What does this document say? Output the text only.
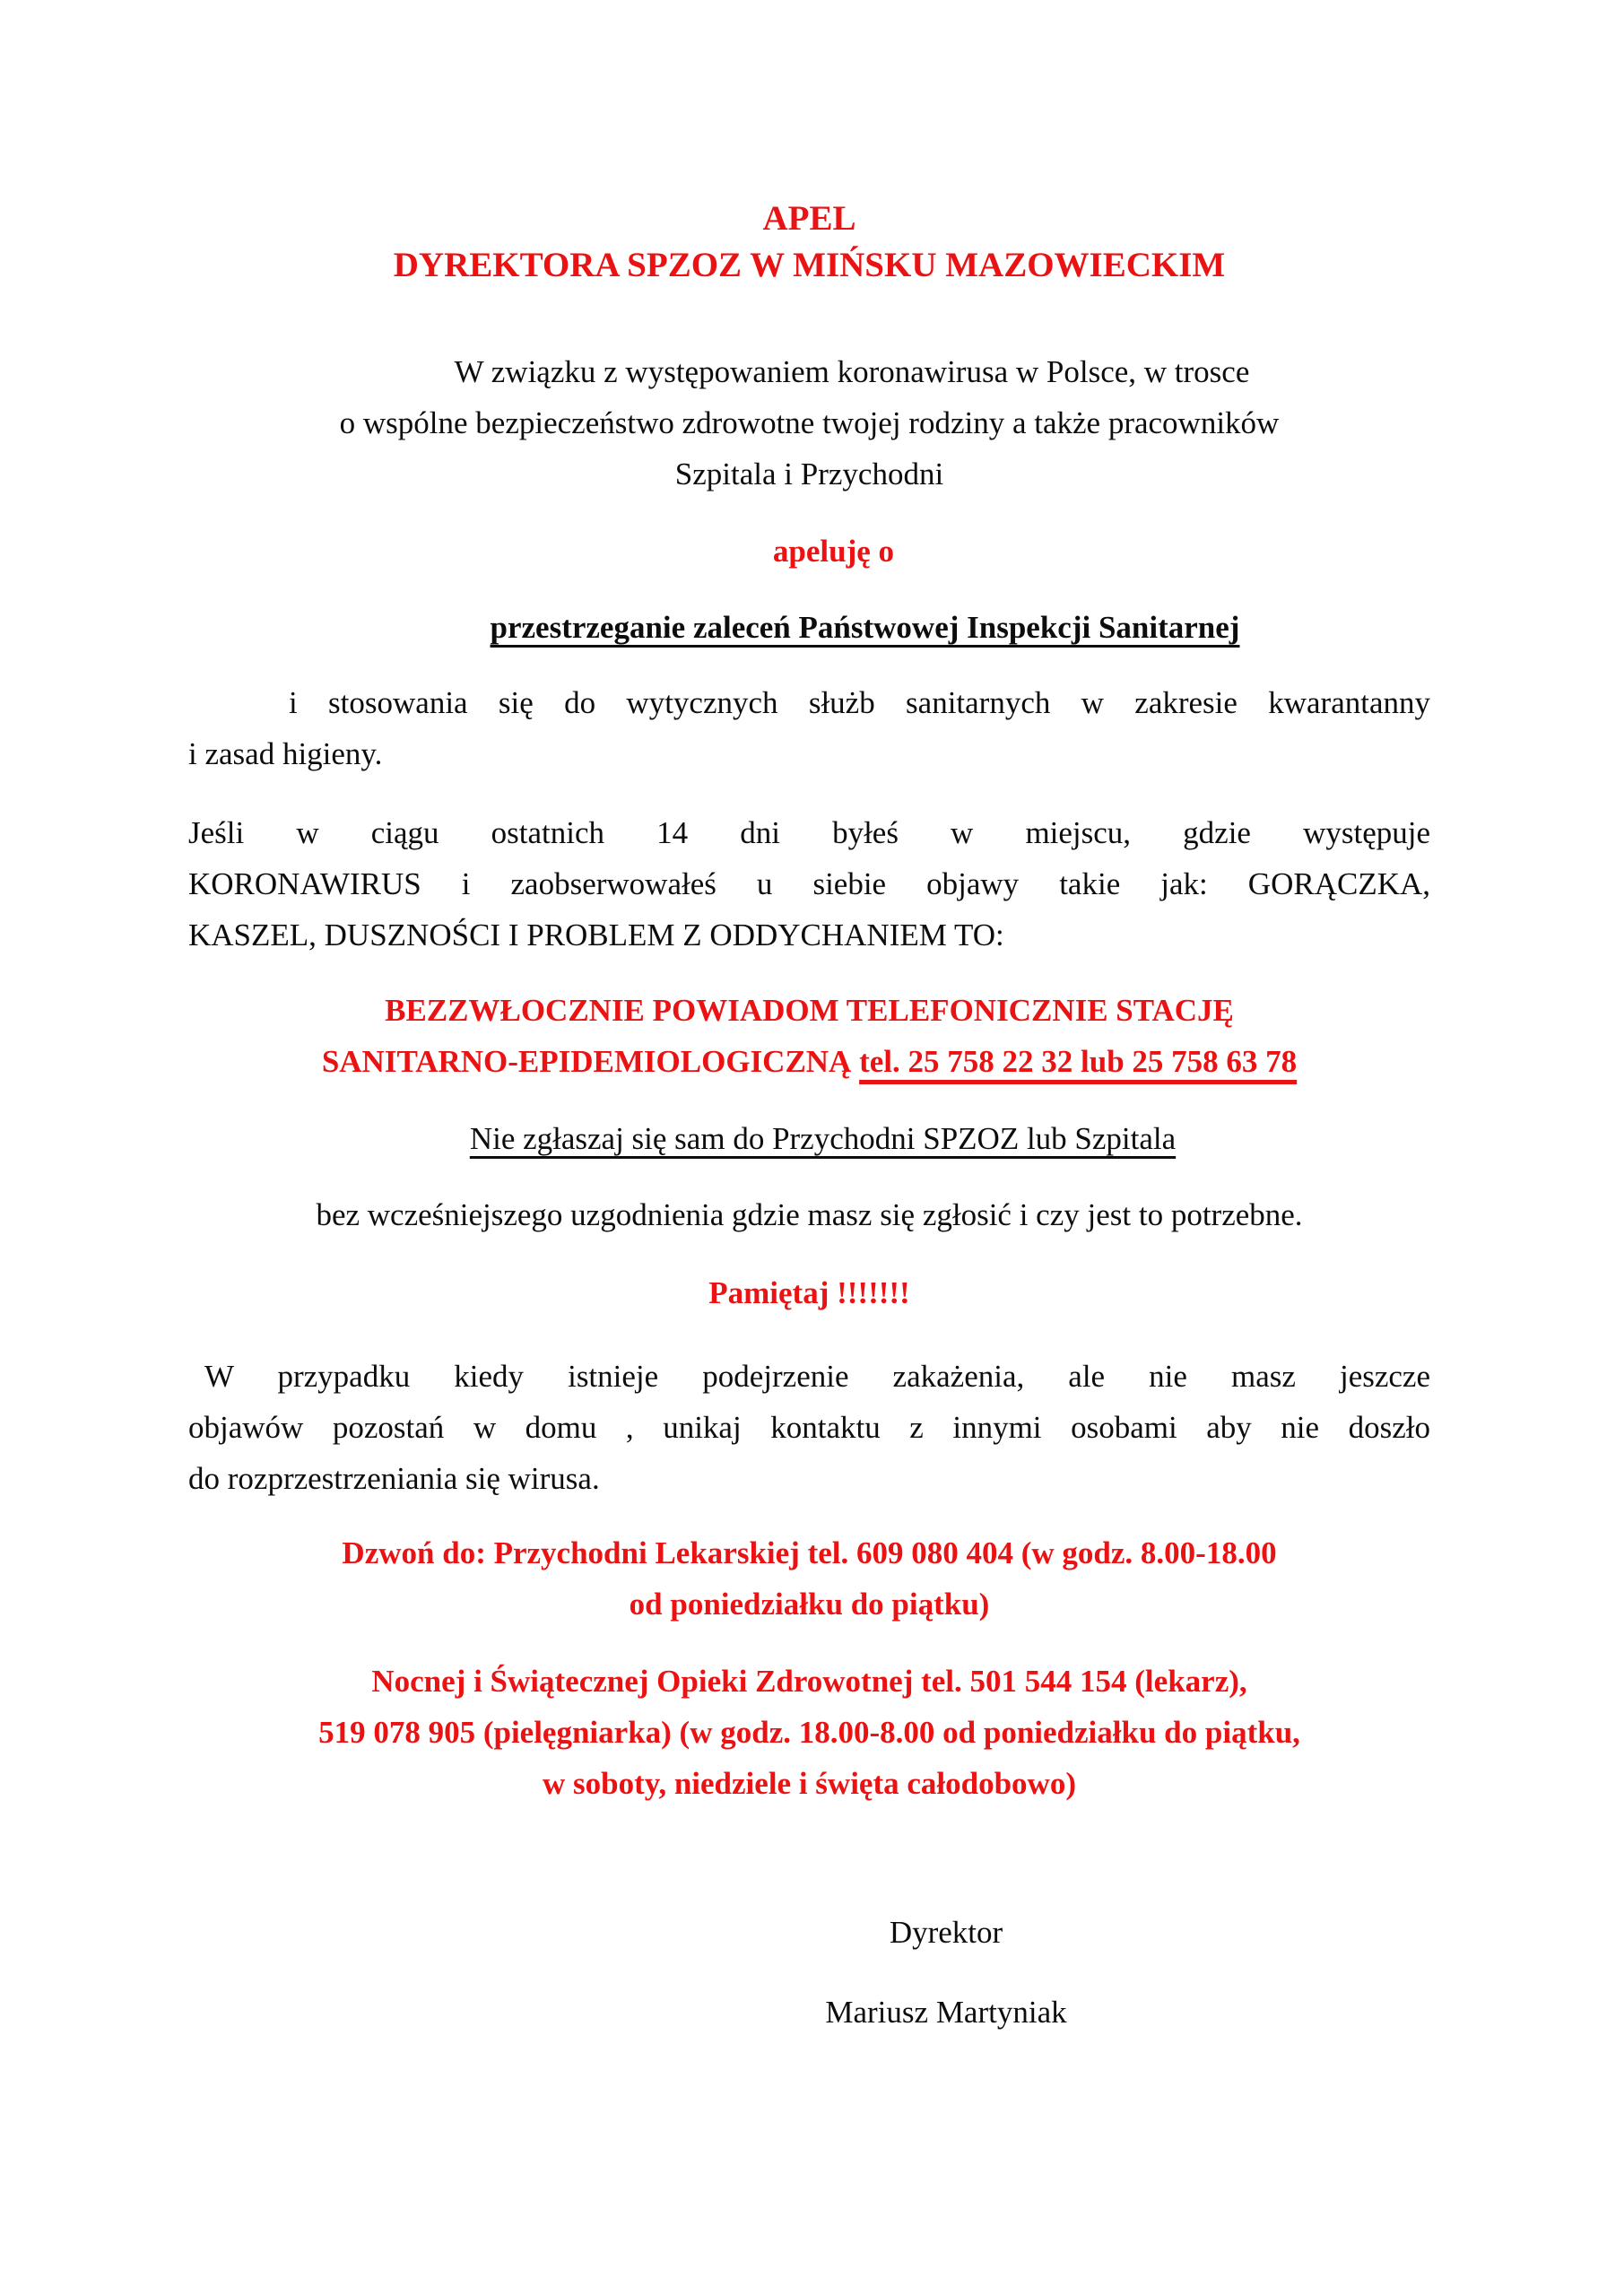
APEL
DYREKTORA SPZOZ W MIŃSKU MAZOWIECKIM
W związku z występowaniem koronawirusa w Polsce, w trosce
o wspólne bezpieczeństwo zdrowotne twojej rodziny a także pracowników
Szpitala i Przychodni
apeluję o
przestrzeganie zaleceń Państwowej Inspekcji Sanitarnej
i stosowania się do wytycznych służb sanitarnych w zakresie kwarantanny
i zasad higieny.
Jeśli w ciągu ostatnich 14 dni byłeś w miejscu, gdzie występuje
KORONAWIRUS i zaobserwowałeś u siebie objawy takie jak: GORĄCZKA,
KASZEL, DUSZNOŚCI I PROBLEM Z ODDYCHANIEM TO:
BEZZWŁOCZNIE POWIADOM TELEFONICZNIE STACJĘ
SANITARNO-EPIDEMIOLOGICZNĄ tel. 25 758 22 32 lub 25 758 63 78
Nie zgłaszaj się sam do Przychodni SPZOZ lub Szpitala
bez wcześniejszego uzgodnienia gdzie masz się zgłosić i czy jest to potrzebne.
Pamiętaj !!!!!!!
W przypadku kiedy istnieje podejrzenie zakażenia, ale nie masz jeszcze
objawów pozostań w domu , unikaj kontaktu z innymi osobami aby nie doszło
do rozprzestrzeniania się wirusa.
Dzwoń do: Przychodni Lekarskiej tel. 609 080 404 (w godz. 8.00-18.00
od poniedziałku do piątku)
Nocnej i Świątecznej Opieki Zdrowotnej tel. 501 544 154 (lekarz),
519 078 905 (pielęgniarka) (w godz. 18.00-8.00 od poniedziałku do piątku,
w soboty, niedziele i święta całodobowo)
Dyrektor
Mariusz Martyniak
